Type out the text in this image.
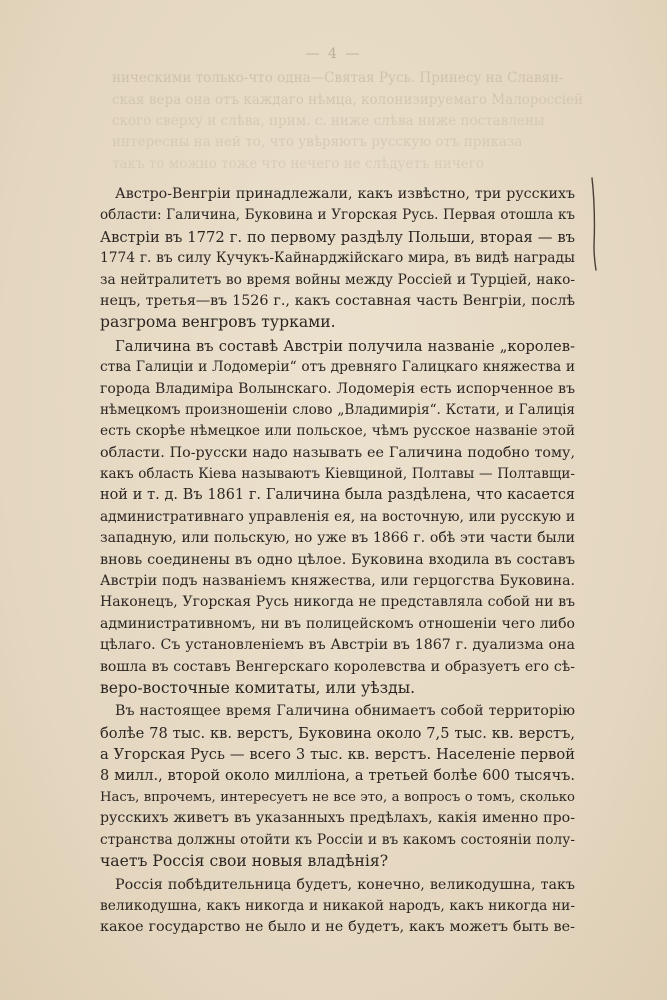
— 4 —
ническими только-что одна—Святая Русь. Принесу на Славян-
ская вера она отъ каждаго нѣмца, колонизируемаго Малороссіей
ского сверху и слѣва, прим. с. ниже слѣва ниже поставлены
интересны на ней то, что увѣряютъ русскую отъ приказа
такъ то можно тоже что нечего не слѣдуетъ ничего
Австро-Венгріи принадлежали, какъ извѣстно, три русскихъ
области: Галичина, Буковина и Угорская Русь. Первая отошла къ
Австріи въ 1772 г. по первому раздѣлу Польши, вторая — въ
1774 г. въ силу Кучукъ-Кайнарджійскаго мира, въ видѣ награды
за нейтралитетъ во время войны между Россіей и Турціей, нако-
нецъ, третья—въ 1526 г., какъ составная часть Венгріи, послѣ
разгрома венгровъ турками.
Галичина въ составѣ Австріи получила названіе „королев-
ства Галиціи и Лодомеріи“ отъ древняго Галицкаго княжества и
города Владиміра Волынскаго. Лодомерія есть испорченное въ
нѣмецкомъ произношеніи слово „Владимирія“. Кстати, и Галиція
есть скорѣе нѣмецкое или польское, чѣмъ русское названіе этой
области. По-русски надо называть ее Галичина подобно тому,
какъ область Кіева называютъ Кіевщиной, Полтавы — Полтавщи-
ной и т. д. Въ 1861 г. Галичина была раздѣлена, что касается
административнаго управленія ея, на восточную, или русскую и
западную, или польскую, но уже въ 1866 г. обѣ эти части были
вновь соединены въ одно цѣлое. Буковина входила въ составъ
Австріи подъ названіемъ княжества, или герцогства Буковина.
Наконецъ, Угорская Русь никогда не представляла собой ни въ
административномъ, ни въ полицейскомъ отношеніи чего либо
цѣлаго. Съ установленіемъ въ Австріи въ 1867 г. дуализма она
вошла въ составъ Венгерскаго королевства и образуетъ его сѣ-
веро-восточные комитаты, или уѣзды.
Въ настоящее время Галичина обнимаетъ собой территорію
болѣе 78 тыс. кв. верстъ, Буковина около 7,5 тыс. кв. верстъ,
а Угорская Русь — всего 3 тыс. кв. верстъ. Населеніе первой
8 милл., второй около милліона, а третьей болѣе 600 тысячъ.
Насъ, впрочемъ, интересуетъ не все это, а вопросъ о томъ, сколько
русскихъ живетъ въ указанныхъ предѣлахъ, какія именно про-
странства должны отойти къ Россіи и въ какомъ состояніи полу-
чаетъ Россія свои новыя владѣнія?
Россія побѣдительница будетъ, конечно, великодушна, такъ
великодушна, какъ никогда и никакой народъ, какъ никогда ни-
какое государство не было и не будетъ, какъ можетъ быть ве-
